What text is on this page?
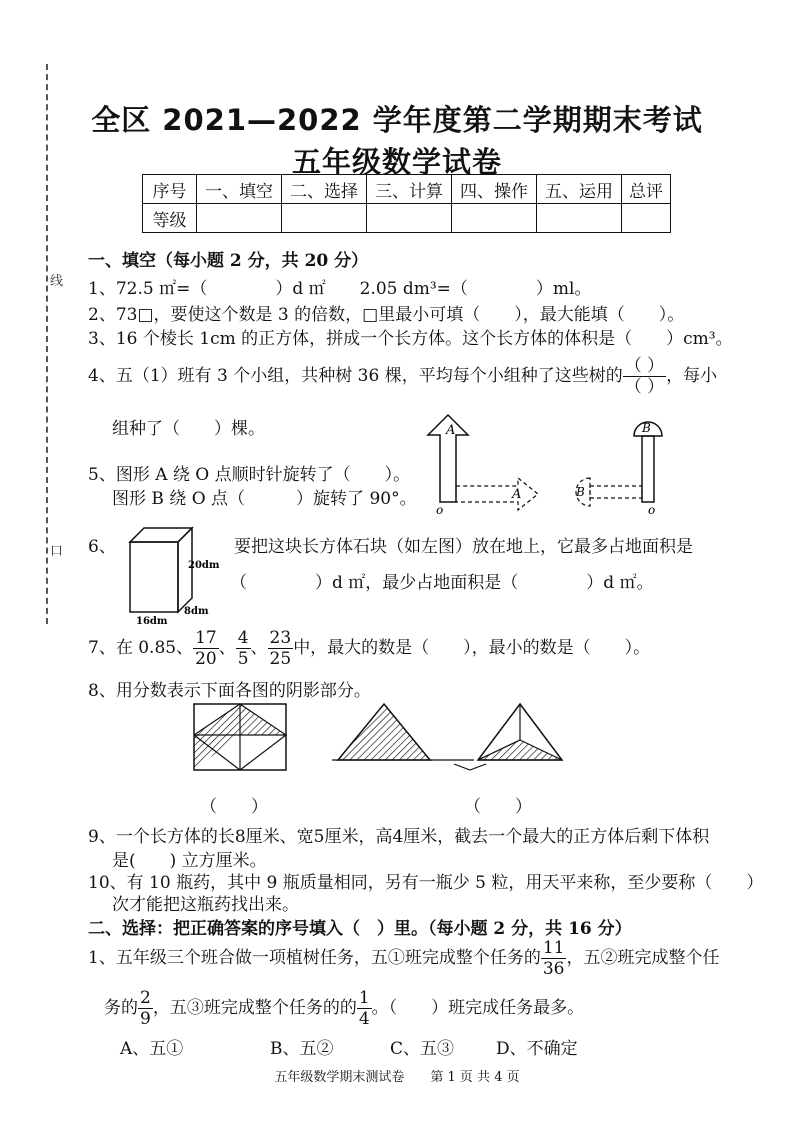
线
口
全区 2021—2022 学年度第二学期期末考试
五年级数学试卷
序号	一、填空	二、选择	三、计算	四、操作	五、运用	总评
等级						
一、填空（每小题 2 分，共 20 分）
1、72.5 ㎡=（　　　　）d ㎡　　2.05 dm³=（　　　　）ml。
2、73□，要使这个数是 3 的倍数，□里最小可填（　　），最大能填（　　）。
3、16 个棱长 1cm 的正方体，拼成一个长方体。这个长方体的体积是（　　）cm³。
4、五（1）班有 3 个小组，共种树 36 棵，平均每个小组种了这些树的 $\frac{( )}{( )}$ ，每小
组种了（　　）棵。
5、图形 A 绕 O 点顺时针旋转了（　　）。
图形 B 绕 O 点（　　　）旋转了 90°。
A
A
o
B
B
o
6、
20dm
16dm
8dm
要把这块长方体石块（如左图）放在地上，它最多占地面积是
（　　　　）d ㎡，最少占地面积是（　　　　）d ㎡。
7、在 0.85、 $\frac{17}{20}$ 、 $\frac{4}{5}$ 、 $\frac{23}{25}$ 中，最大的数是（　　），最小的数是（　　）。
8、用分数表示下面各图的阴影部分。
（　　）	（　　）
9、一个长方体的长8厘米、宽5厘米，高4厘米，截去一个最大的正方体后剩下体积
是(　　) 立方厘米。
10、有 10 瓶药，其中 9 瓶质量相同，另有一瓶少 5 粒，用天平来称，至少要称（　　）
次才能把这瓶药找出来。
二、选择：把正确答案的序号填入（　）里。（每小题 2 分，共 16 分）
1、五年级三个班合做一项植树任务，五①班完成整个任务的 $\frac{11}{36}$ ，五②班完成整个任
务的 $\frac{2}{9}$ ，五③班完成整个任务的的 $\frac{1}{4}$ 。（　　）班完成任务最多。
A、五①	B、五②	C、五③ D、不确定
五年级数学期末测试卷　　第 1 页 共 4 页
